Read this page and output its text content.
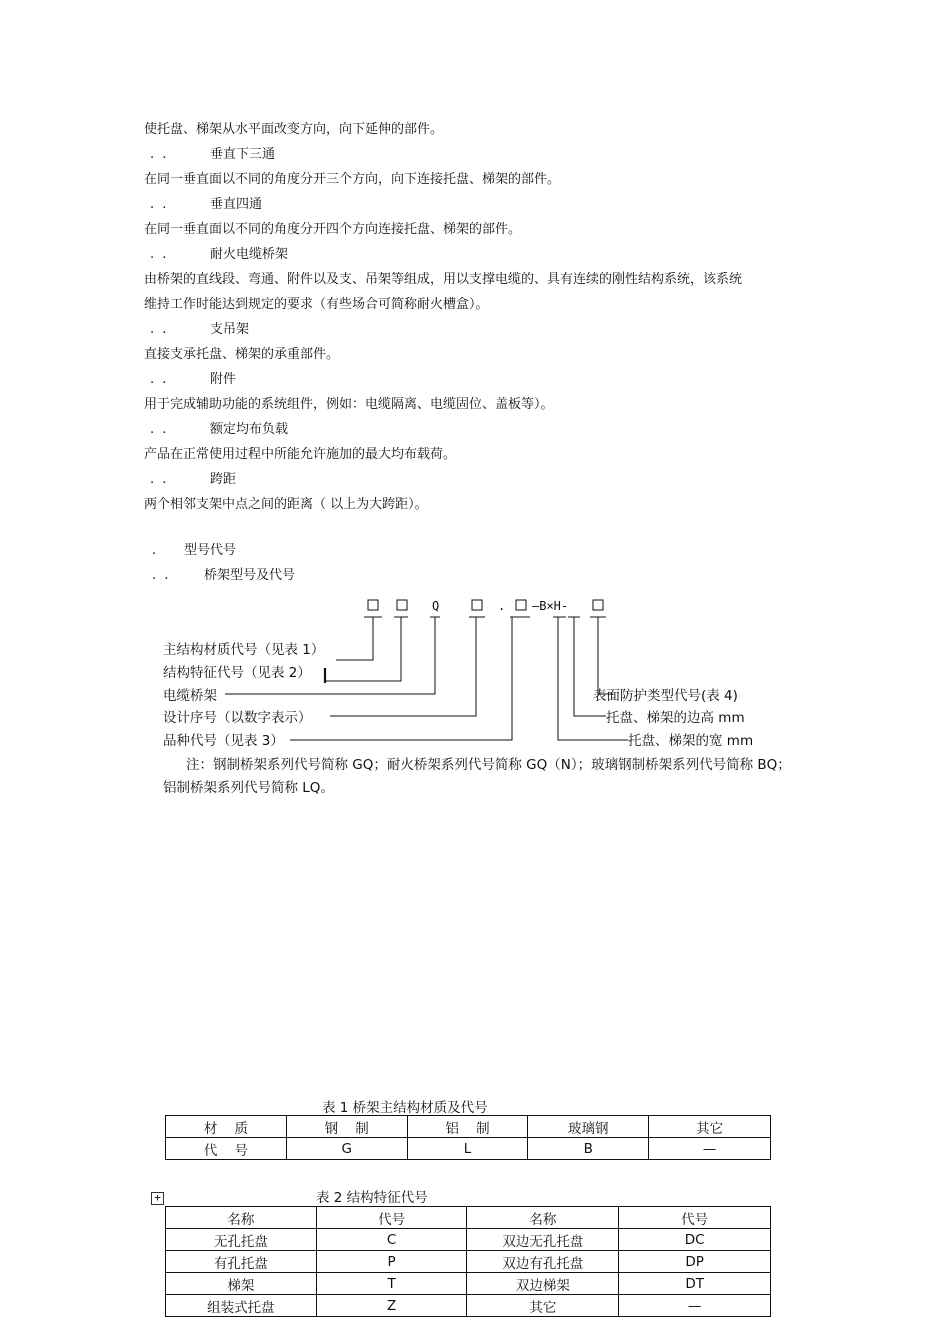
使托盘、梯架从水平面改变方向，向下延伸的部件。
. .	垂直下三通
在同一垂直面以不同的角度分开三个方向，向下连接托盘、梯架的部件。
. .	垂直四通
在同一垂直面以不同的角度分开四个方向连接托盘、梯架的部件。
. .	耐火电缆桥架
由桥架的直线段、弯通、附件以及支、吊架等组成，用以支撑电缆的、具有连续的刚性结构系统，该系统
维持工作时能达到规定的要求（有些场合可简称耐火槽盒）。
. .	支吊架
直接支承托盘、梯架的承重部件。
. .	附件
用于完成辅助功能的系统组件，例如：电缆隔离、电缆固位、盖板等）。
. .	额定均布负载
产品在正常使用过程中所能允许施加的最大均布载荷。
. .	跨距
两个相邻支架中点之间的距离（ 以上为大跨距）。
. 型号代号
. .	桥架型号及代号
Q	. —B×H-
主结构材质代号（见表 1）
结构特征代号（见表 2）
电缆桥架
设计序号（以数字表示）
品种代号（见表 3）
表面防护类型代号(表 4)
托盘、梯架的边高 mm
托盘、梯架的宽 mm
注：钢制桥架系列代号简称 GQ；耐火桥架系列代号简称 GQ（N）；玻璃钢制桥架系列代号简称 BQ；
铝制桥架系列代号简称 LQ。
表 1 桥架主结构材质及代号
材    质	钢    制	铝    制	玻璃钢	其它
代    号	G	L	B	—
+	表 2 结构特征代号
名称	代号	名称	代号
无孔托盘	C	双边无孔托盘	DC
有孔托盘	P	双边有孔托盘	DP
梯架	T	双边梯架	DT
组装式托盘	Z	其它	—
